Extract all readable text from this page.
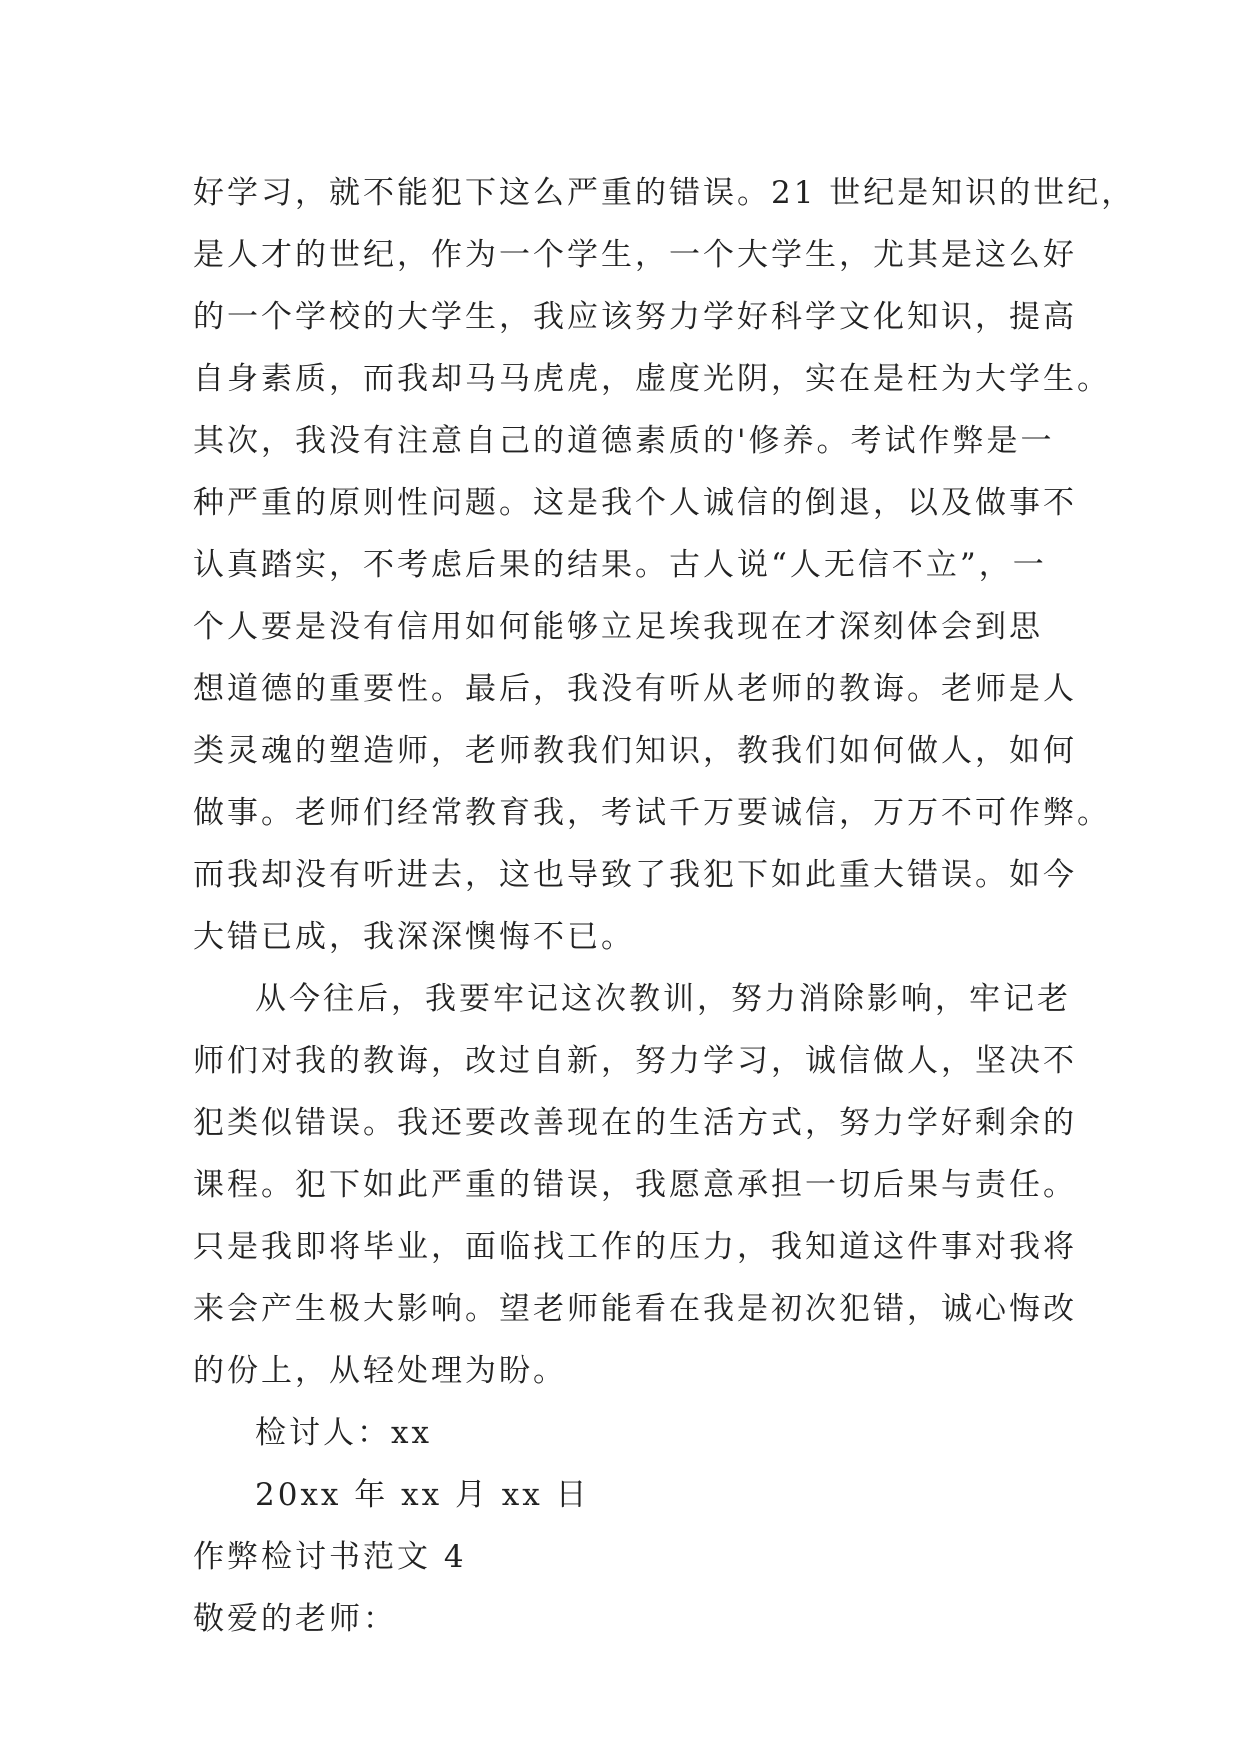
好学习，就不能犯下这么严重的错误。21 世纪是知识的世纪，
是人才的世纪，作为一个学生，一个大学生，尤其是这么好
的一个学校的大学生，我应该努力学好科学文化知识，提高
自身素质，而我却马马虎虎，虚度光阴，实在是枉为大学生。
其次，我没有注意自己的道德素质的'修养。考试作弊是一
种严重的原则性问题。这是我个人诚信的倒退，以及做事不
认真踏实，不考虑后果的结果。古人说“人无信不立”，一
个人要是没有信用如何能够立足埃我现在才深刻体会到思
想道德的重要性。最后，我没有听从老师的教诲。老师是人
类灵魂的塑造师，老师教我们知识，教我们如何做人，如何
做事。老师们经常教育我，考试千万要诚信，万万不可作弊。
而我却没有听进去，这也导致了我犯下如此重大错误。如今
大错已成，我深深懊悔不已。
从今往后，我要牢记这次教训，努力消除影响，牢记老
师们对我的教诲，改过自新，努力学习，诚信做人，坚决不
犯类似错误。我还要改善现在的生活方式，努力学好剩余的
课程。犯下如此严重的错误，我愿意承担一切后果与责任。
只是我即将毕业，面临找工作的压力，我知道这件事对我将
来会产生极大影响。望老师能看在我是初次犯错，诚心悔改
的份上，从轻处理为盼。
检讨人：xx
20xx 年 xx 月 xx 日
作弊检讨书范文 4
敬爱的老师：
